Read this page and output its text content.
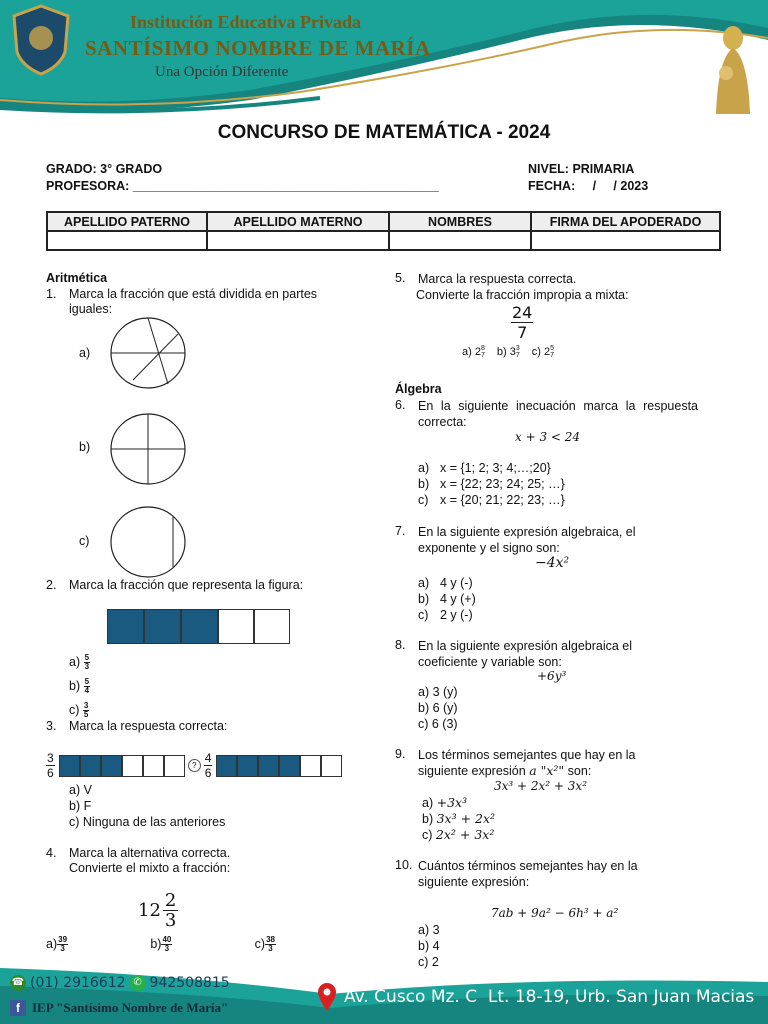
Institución Educativa Privada
SANTÍSIMO NOMBRE DE MARÍA
Una Opción Diferente
CONCURSO DE MATEMÁTICA - 2024
GRADO: 3° GRADO	NIVEL: PRIMARIA
PROFESORA: ____________________________________________	FECHA:     /     / 2023
APELLIDO PATERNO	APELLIDO MATERNO	NOMBRES	FIRMA DEL APODERADO

Aritmética
1. Marca la fracción que está dividida en partes iguales:
a)
b)
c)
2. Marca la fracción que representa la figura:
$a) \frac{5}{3}$
$b) \frac{5}{4}$
$c) \frac{3}{5}$
3. Marca la respuesta correcta:
$\frac{3}{6}$	? $\frac{4}{6}$
a) V
b) F
c) Ninguna de las anteriores
4. Marca la alternativa correcta.
Convierte el mixto a fracción:
$12 \frac{2}{3}$
$a) \frac{39}{3}$	$b) \frac{40}{3}$	$c) \frac{38}{3}$
5. Marca la respuesta correcta.
Convierte la fracción impropia a mixta:
$\frac{24}{7}$
a) 2 8
7 b) 3 3
7 c) 2 5
7
Álgebra
6. En la siguiente inecuación marca la respuesta correcta:
x + 3 < 24
a) x = {1; 2; 3; 4;…;20}
b) x = {22; 23; 24; 25; …}
c) x = {20; 21; 22; 23; …}
7. En la siguiente expresión algebraica, el exponente y el signo son:
−4x²
a) 4 y (-)
b) 4 y (+)
c) 2 y (-)
8. En la siguiente expresión algebraica el coeficiente y variable son:
+6y³
a) 3 (y)
b) 6 (y)
c) 6 (3)
9. Los términos semejantes que hay en la
siguiente expresión a "x²" son:
3x³ + 2x² + 3x²
a) +3x³
b) 3x³ + 2x²
c) 2x² + 3x²
10. Cuántos términos semejantes hay en la siguiente expresión:
7ab + 9a² − 6h³ + a²
a) 3
b) 4
c) 2
☎ (01) 2916612 ✆ 942508815
f IEP "Santísimo Nombre de María"
Av. Cusco Mz. C  Lt. 18-19, Urb. San Juan Macias
